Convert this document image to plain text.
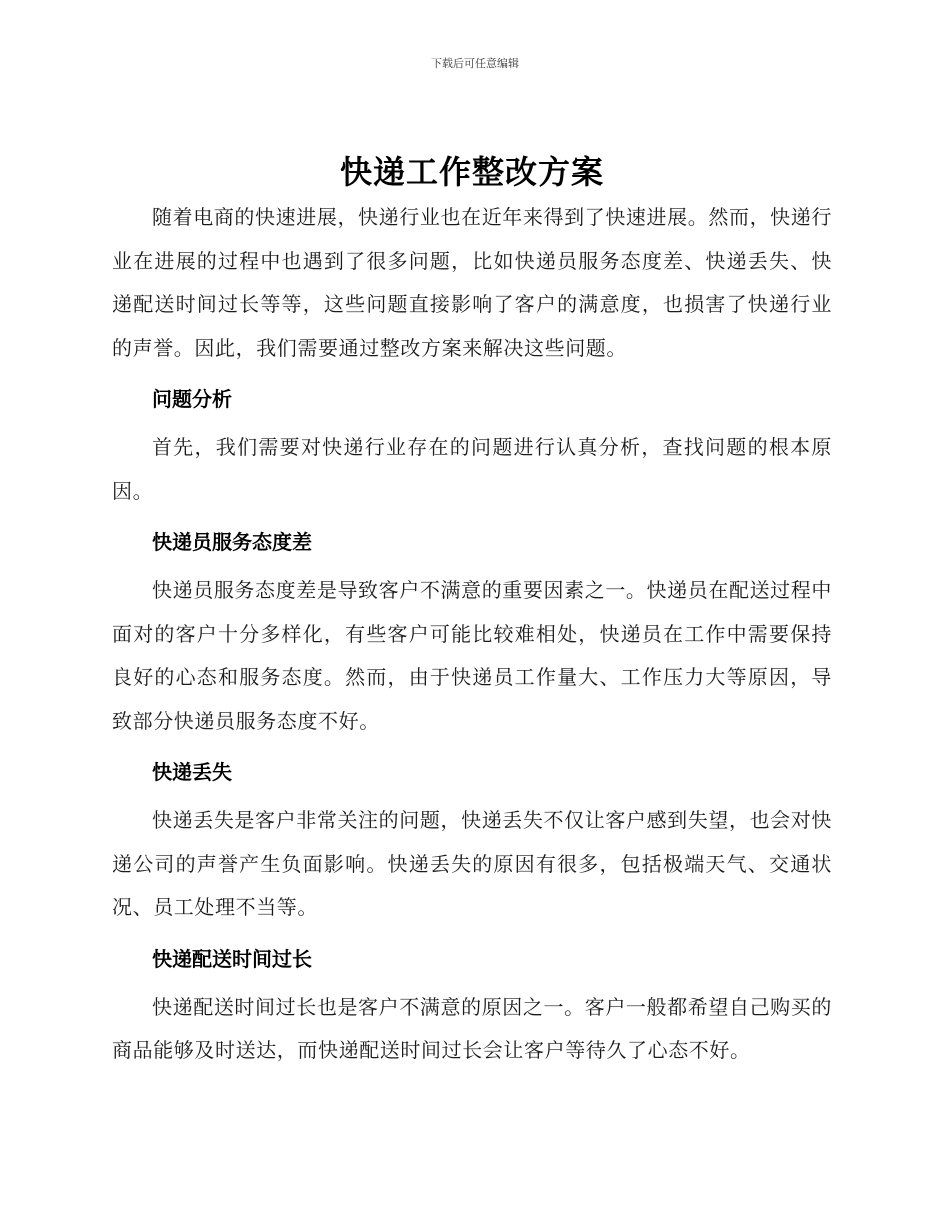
下载后可任意编辑
快递工作整改方案

随着电商的快速进展，快递行业也在近年来得到了快速进展。然而，快递行业在进展的过程中也遇到了很多问题，比如快递员服务态度差、快递丢失、快递配送时间过长等等，这些问题直接影响了客户的满意度，也损害了快递行业的声誉。因此，我们需要通过整改方案来解决这些问题。

问题分析

首先，我们需要对快递行业存在的问题进行认真分析，查找问题的根本原因。

快递员服务态度差

快递员服务态度差是导致客户不满意的重要因素之一。快递员在配送过程中面对的客户十分多样化，有些客户可能比较难相处，快递员在工作中需要保持良好的心态和服务态度。然而，由于快递员工作量大、工作压力大等原因，导致部分快递员服务态度不好。

快递丢失

快递丢失是客户非常关注的问题，快递丢失不仅让客户感到失望，也会对快递公司的声誉产生负面影响。快递丢失的原因有很多，包括极端天气、交通状况、员工处理不当等。

快递配送时间过长

快递配送时间过长也是客户不满意的原因之一。客户一般都希望自己购买的商品能够及时送达，而快递配送时间过长会让客户等待久了心态不好。
